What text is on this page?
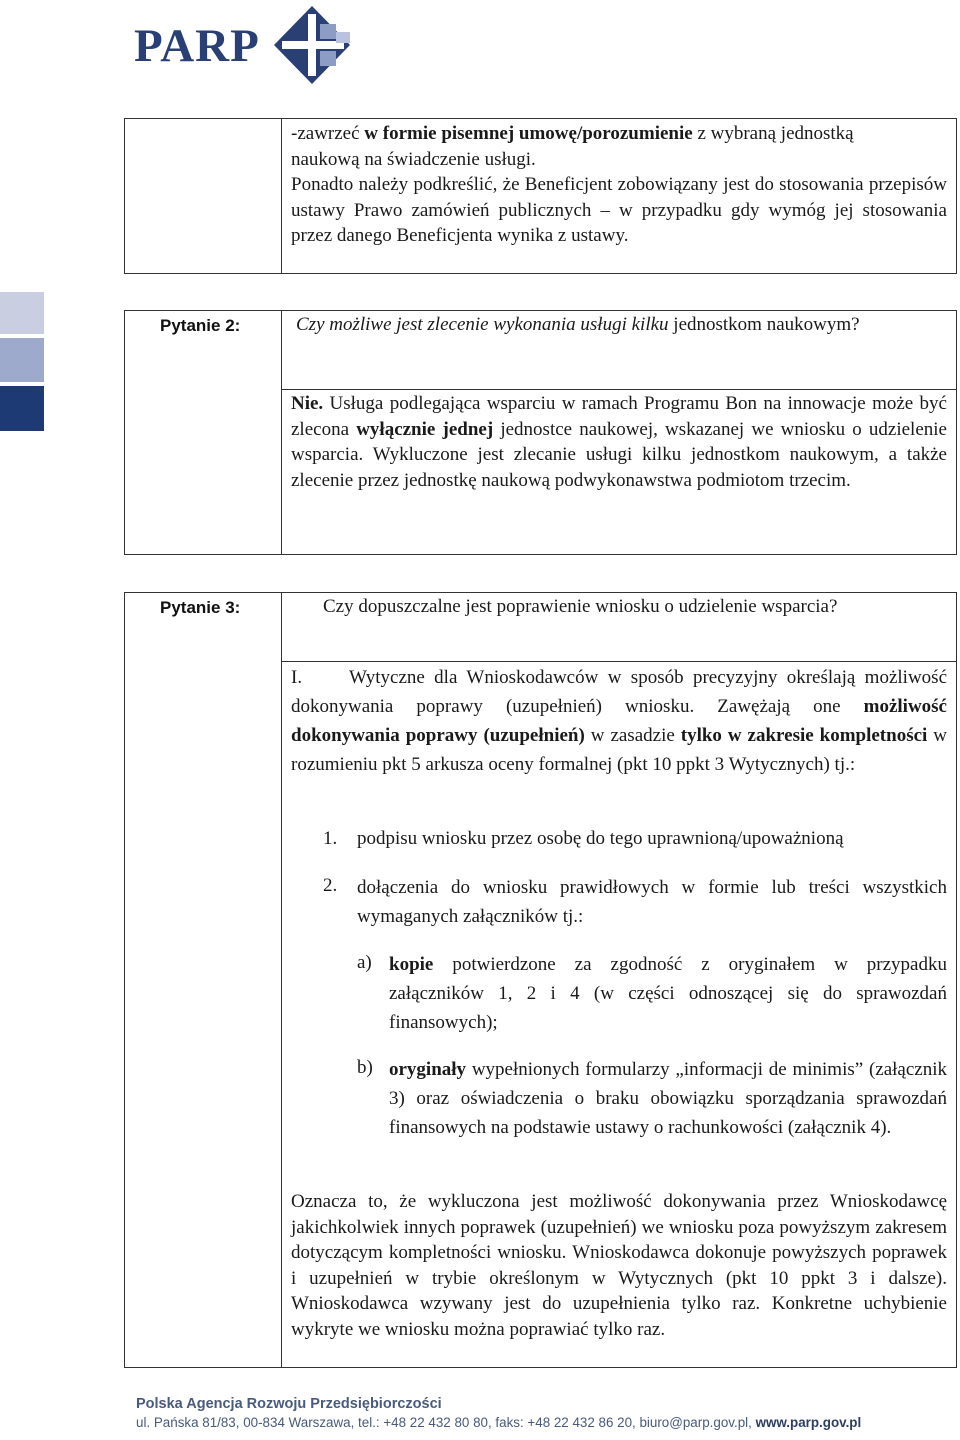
PARP

-zawrzeć w formie pisemnej umowę/porozumienie z wybraną jednostką

naukową na świadczenie usługi.

Ponadto należy podkreślić, że Beneficjent zobowiązany jest do stosowania przepisów ustawy Prawo zamówień publicznych – w przypadku gdy wymóg jej stosowania przez danego Beneficjenta wynika z ustawy.

Pytanie 2:	Czy możliwe jest zlecenie wykonania usługi kilku jednostkom naukowym?

Nie. Usługa podlegająca wsparciu w ramach Programu Bon na innowacje może być zlecona wyłącznie jednej jednostce naukowej, wskazanej we wniosku o udzielenie wsparcia. Wykluczone jest zlecanie usługi kilku jednostkom naukowym, a także zlecenie przez jednostkę naukową podwykonawstwa podmiotom trzecim.

Pytanie 3:	Czy dopuszczalne jest poprawienie wniosku o udzielenie wsparcia?

I. Wytyczne dla Wnioskodawców w sposób precyzyjny określają możliwość dokonywania poprawy (uzupełnień) wniosku. Zawężają one możliwość dokonywania poprawy (uzupełnień) w zasadzie tylko w zakresie kompletności w rozumieniu pkt 5 arkusza oceny formalnej (pkt 10 ppkt 3 Wytycznych) tj.:

1. podpisu wniosku przez osobę do tego uprawnioną/upoważnioną
2. dołączenia do wniosku prawidłowych w formie lub treści wszystkich wymaganych załączników tj.:
a) kopie potwierdzone za zgodność z oryginałem w przypadku załączników 1, 2 i 4 (w części odnoszącej się do sprawozdań finansowych);

b) oryginały wypełnionych formularzy „informacji de minimis” (załącznik 3) oraz oświadczenia o braku obowiązku sporządzania sprawozdań finansowych na podstawie ustawy o rachunkowości (załącznik 4).

Oznacza to, że wykluczona jest możliwość dokonywania przez Wnioskodawcę jakichkolwiek innych poprawek (uzupełnień) we wniosku poza powyższym zakresem dotyczącym kompletności wniosku. Wnioskodawca dokonuje powyższych poprawek i uzupełnień w trybie określonym w Wytycznych (pkt 10 ppkt 3 i dalsze). Wnioskodawca wzywany jest do uzupełnienia tylko raz. Konkretne uchybienie wykryte we wniosku można poprawiać tylko raz.
Polska Agencja Rozwoju Przedsiębiorczości
ul. Pańska 81/83, 00-834 Warszawa, tel.: +48 22 432 80 80, faks: +48 22 432 86 20, biuro@parp.gov.pl, www.parp.gov.pl
